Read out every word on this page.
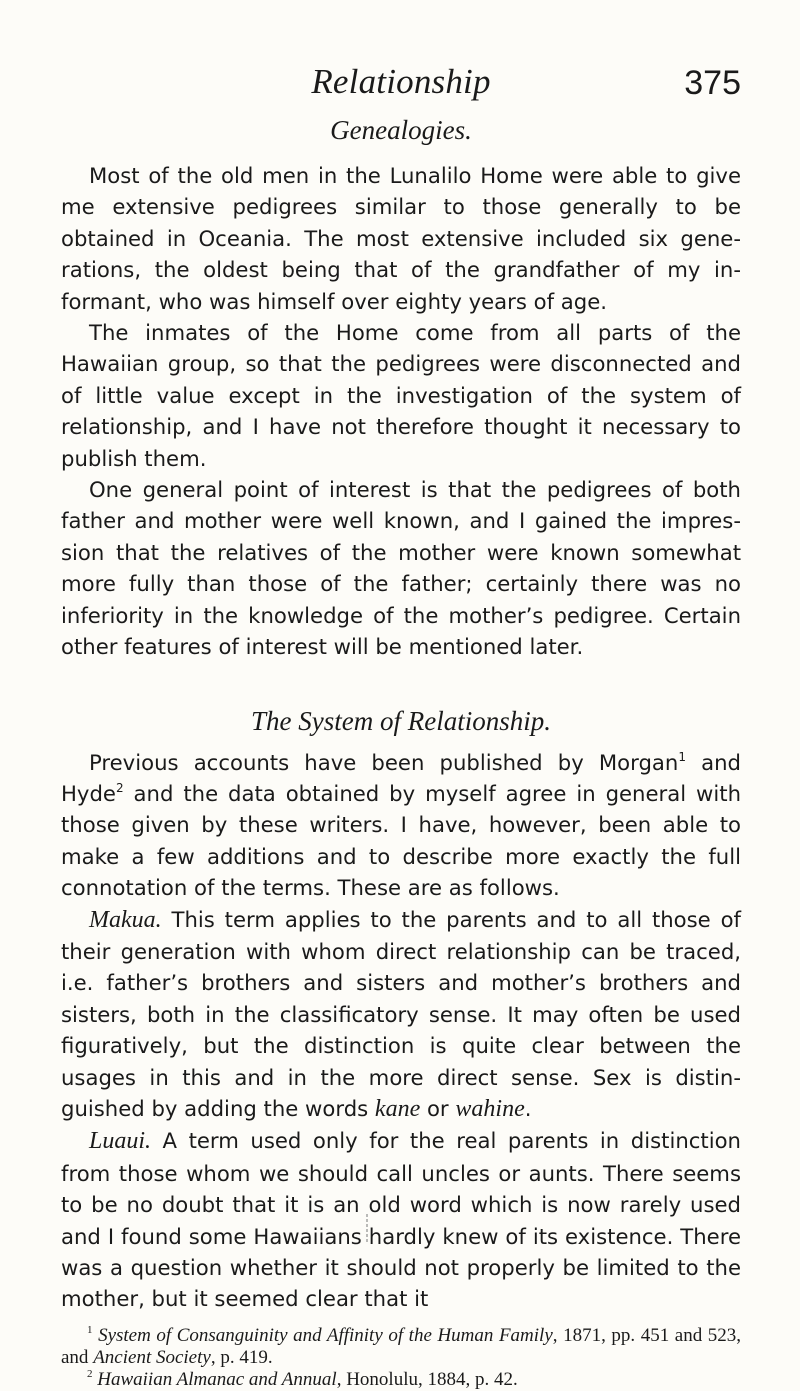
Relationship	375
Genealogies.

Most of the old men in the Lunalilo Home were able to give me extensive pedigrees similar to those generally to be obtained in Oceania. The most extensive included six generations, the oldest being that of the grandfather of my informant, who was himself over eighty years of age.

The inmates of the Home come from all parts of the Hawaiian group, so that the pedigrees were disconnected and of little value except in the investigation of the system of relationship, and I have not therefore thought it necessary to publish them.

One general point of interest is that the pedigrees of both father and mother were well known, and I gained the impression that the relatives of the mother were known somewhat more fully than those of the father; certainly there was no inferiority in the knowledge of the mother’s pedigree. Certain other features of interest will be mentioned later.

The System of Relationship.

Previous accounts have been published by Morgan$^1$ and Hyde$^2$ and the data obtained by myself agree in general with those given by these writers. I have, however, been able to make a few additions and to describe more exactly the full connotation of the terms. These are as follows.

Makua. This term applies to the parents and to all those of their generation with whom direct relationship can be traced, i.e. father’s brothers and sisters and mother’s brothers and sisters, both in the classificatory sense. It may often be used figuratively, but the distinction is quite clear between the usages in this and in the more direct sense. Sex is distinguished by adding the words kane or wahine.

Luaui. A term used only for the real parents in distinction from those whom we should call uncles or aunts. There seems to be no doubt that it is an old word which is now rarely used and I found some Hawaiians hardly knew of its existence. There was a question whether it should not properly be limited to the mother, but it seemed clear that it

$^1$ System of Consanguinity and Affinity of the Human Family, 1871, pp. 451 and 523, and Ancient Society, p. 419.

$^2$ Hawaiian Almanac and Annual, Honolulu, 1884, p. 42.
